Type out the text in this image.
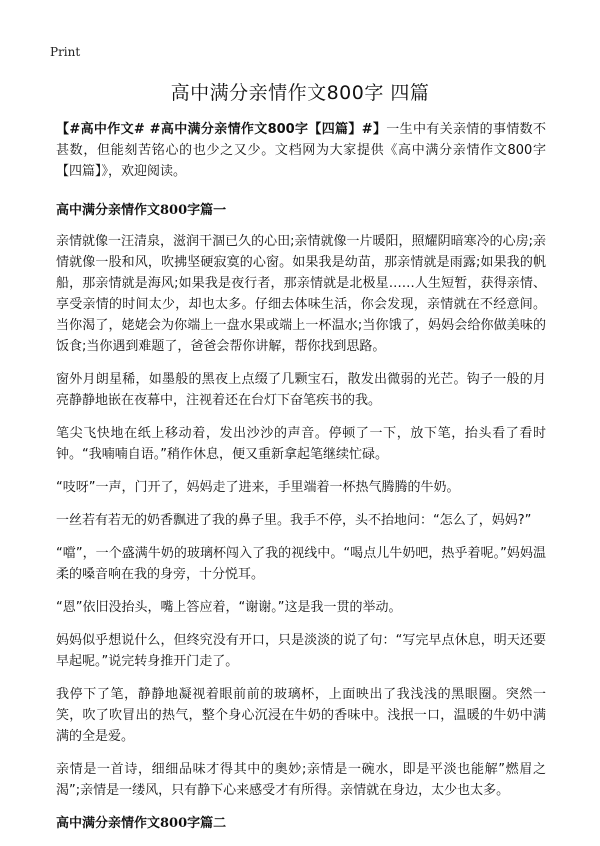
Print
高中满分亲情作文800字 四篇

【#高中作文# #高中满分亲情作文800字【四篇】#】一生中有关亲情的事情数不甚数，但能刻苦铭心的也少之又少。文档网为大家提供《高中满分亲情作文800字【四篇】》，欢迎阅读。

高中满分亲情作文800字篇一

亲情就像一汪清泉，滋润干涸已久的心田;亲情就像一片暖阳，照耀阴暗寒冷的心房;亲情就像一股和风，吹拂坚硬寂寞的心窗。如果我是幼苗，那亲情就是雨露;如果我的帆船，那亲情就是海风;如果我是夜行者，那亲情就是北极星……人生短暂，获得亲情、享受亲情的时间太少，却也太多。仔细去体味生活，你会发现，亲情就在不经意间。当你渴了，姥姥会为你端上一盘水果或端上一杯温水;当你饿了，妈妈会给你做美味的饭食;当你遇到难题了，爸爸会帮你讲解，帮你找到思路。

窗外月朗星稀，如墨般的黑夜上点缀了几颗宝石，散发出微弱的光芒。钩子一般的月亮静静地嵌在夜幕中，注视着还在台灯下奋笔疾书的我。

笔尖飞快地在纸上移动着，发出沙沙的声音。停顿了一下，放下笔，抬头看了看时钟。“我喃喃自语。”稍作休息，便又重新拿起笔继续忙碌。

“吱呀”一声，门开了，妈妈走了进来，手里端着一杯热气腾腾的牛奶。

一丝若有若无的奶香飘进了我的鼻子里。我手不停，头不抬地问：“怎么了，妈妈?”

“噹”，一个盛满牛奶的玻璃杯闯入了我的视线中。“喝点儿牛奶吧，热乎着呢。”妈妈温柔的嗓音响在我的身旁，十分悦耳。

“恩”依旧没抬头，嘴上答应着，“谢谢。”这是我一贯的举动。

妈妈似乎想说什么，但终究没有开口，只是淡淡的说了句：“写完早点休息，明天还要早起呢。”说完转身推开门走了。

我停下了笔，静静地凝视着眼前前的玻璃杯，上面映出了我浅浅的黑眼圈。突然一笑，吹了吹冒出的热气，整个身心沉浸在牛奶的香味中。浅抿一口，温暖的牛奶中满满的全是爱。

亲情是一首诗，细细品味才得其中的奥妙;亲情是一碗水，即是平淡也能解”燃眉之渴”;亲情是一缕风，只有静下心来感受才有所得。亲情就在身边，太少也太多。

高中满分亲情作文800字篇二
